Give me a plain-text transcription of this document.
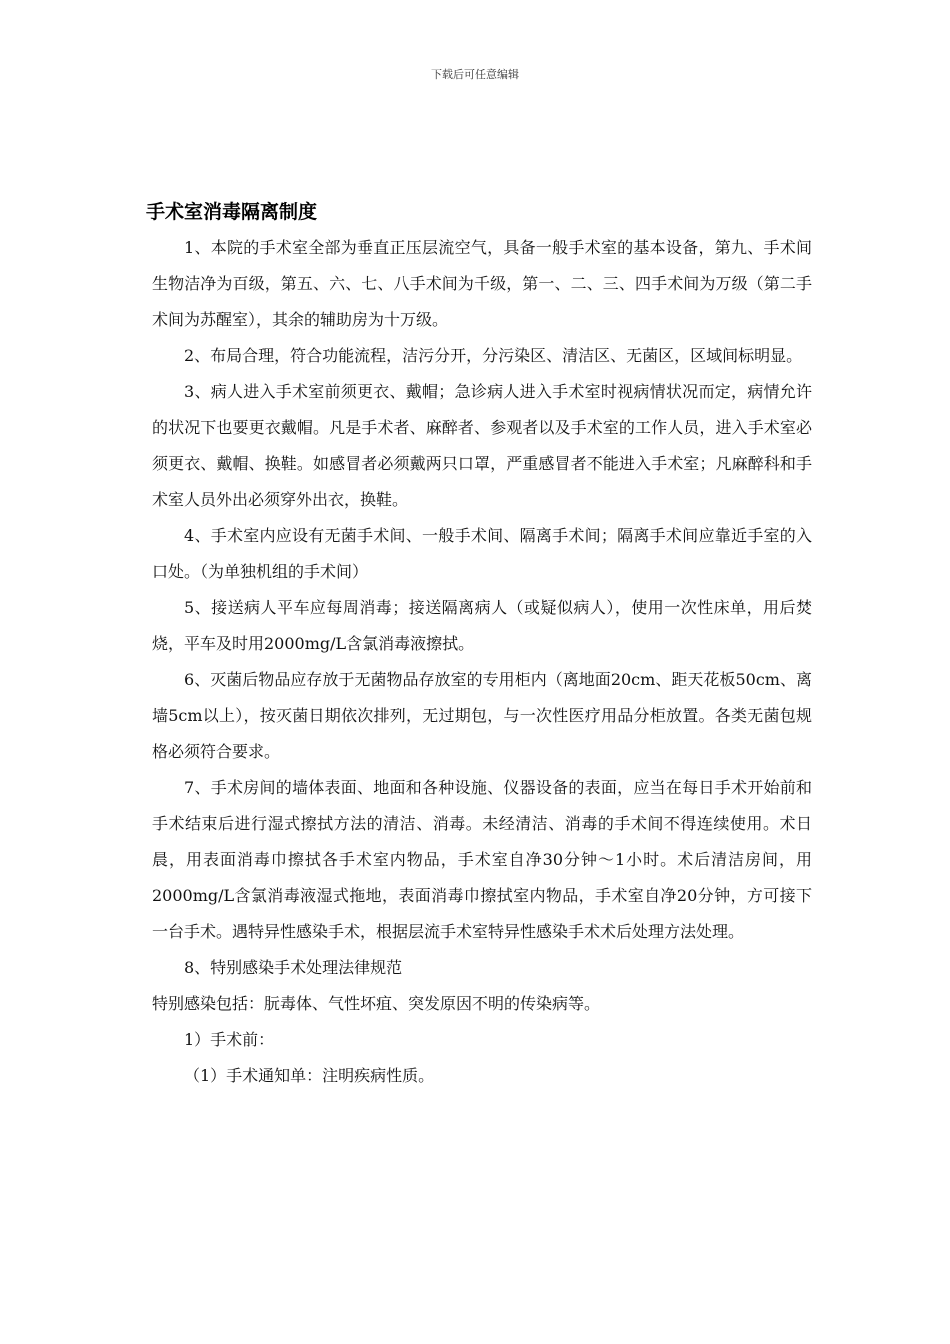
下载后可任意编辑
手术室消毒隔离制度

1、本院的手术室全部为垂直正压层流空气，具备一般手术室的基本设备，第九、手术间生物洁净为百级，第五、六、七、八手术间为千级，第一、二、三、四手术间为万级（第二手术间为苏醒室），其余的辅助房为十万级。

2、布局合理，符合功能流程，洁污分开，分污染区、清洁区、无菌区，区域间标明显。

3、病人进入手术室前须更衣、戴帽；急诊病人进入手术室时视病情状况而定，病情允许的状况下也要更衣戴帽。凡是手术者、麻醉者、参观者以及手术室的工作人员，进入手术室必须更衣、戴帽、换鞋。如感冒者必须戴两只口罩，严重感冒者不能进入手术室；凡麻醉科和手术室人员外出必须穿外出衣，换鞋。

4、手术室内应设有无菌手术间、一般手术间、隔离手术间；隔离手术间应靠近手室的入口处。（为单独机组的手术间）

5、接送病人平车应每周消毒；接送隔离病人（或疑似病人），使用一次性床单，用后焚烧，平车及时用2000mg/L含氯消毒液擦拭。

6、灭菌后物品应存放于无菌物品存放室的专用柜内（离地面20cm、距天花板50cm、离墙5cm以上），按灭菌日期依次排列，无过期包，与一次性医疗用品分柜放置。各类无菌包规格必须符合要求。

7、手术房间的墙体表面、地面和各种设施、仪器设备的表面，应当在每日手术开始前和手术结束后进行湿式擦拭方法的清洁、消毒。未经清洁、消毒的手术间不得连续使用。术日晨，用表面消毒巾擦拭各手术室内物品，手术室自净30分钟～1小时。术后清洁房间，用2000mg/L含氯消毒液湿式拖地，表面消毒巾擦拭室内物品，手术室自净20分钟，方可接下一台手术。遇特异性感染手术，根据层流手术室特异性感染手术术后处理方法处理。

8、特别感染手术处理法律规范

特别感染包括：朊毒体、气性坏疽、突发原因不明的传染病等。

1）手术前：

（1）手术通知单：注明疾病性质。
